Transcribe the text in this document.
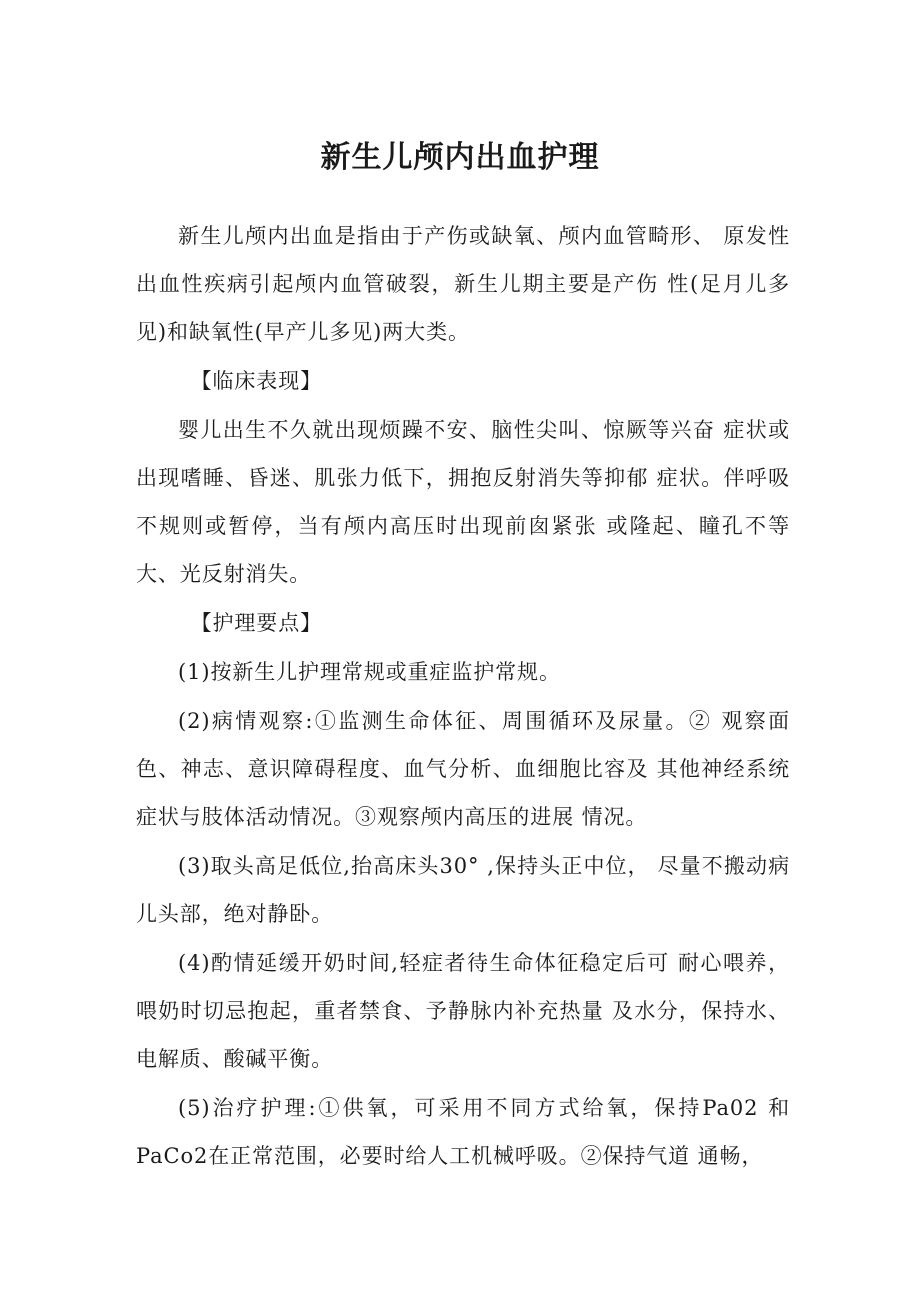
新生儿颅内出血护理

新生儿颅内出血是指由于产伤或缺氧、颅内血管畸形、 原发性出血性疾病引起颅内血管破裂，新生儿期主要是产伤 性(足月儿多见)和缺氧性(早产儿多见)两大类。

【临床表现】

婴儿出生不久就出现烦躁不安、脑性尖叫、惊厥等兴奋 症状或出现嗜睡、昏迷、肌张力低下，拥抱反射消失等抑郁 症状。伴呼吸不规则或暂停，当有颅内高压时出现前囱紧张 或隆起、瞳孔不等大、光反射消失。

【护理要点】

(1)按新生儿护理常规或重症监护常规。

(2)病情观察:①监测生命体征、周围循环及尿量。② 观察面色、神志、意识障碍程度、血气分析、血细胞比容及 其他神经系统症状与肢体活动情况。③观察颅内高压的进展 情况。

(3)取头高足低位,抬高床头30° ,保持头正中位， 尽量不搬动病儿头部，绝对静卧。

(4)酌情延缓开奶时间,轻症者待生命体征稳定后可 耐心喂养，喂奶时切忌抱起，重者禁食、予静脉内补充热量 及水分，保持水、电解质、酸碱平衡。

(5)治疗护理:①供氧，可采用不同方式给氧，保持Pa02 和PaCo2在正常范围，必要时给人工机械呼吸。②保持气道 通畅，
